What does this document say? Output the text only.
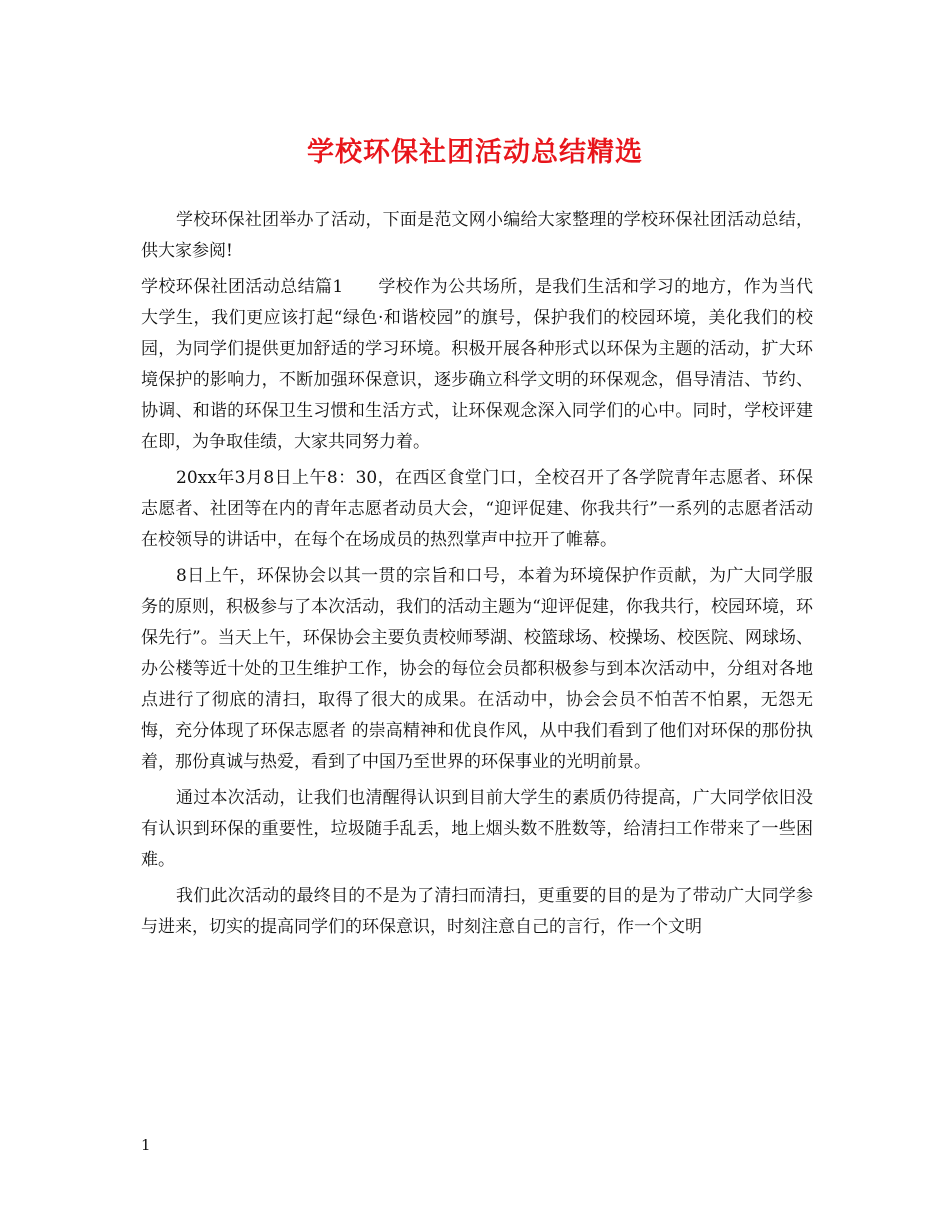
学校环保社团活动总结精选

学校环保社团举办了活动，下面是范文网小编给大家整理的学校环保社团活动总结，供大家参阅!

学校环保社团活动总结篇1　　学校作为公共场所，是我们生活和学习的地方，作为当代大学生，我们更应该打起“绿色·和谐校园”的旗号，保护我们的校园环境，美化我们的校园，为同学们提供更加舒适的学习环境。积极开展各种形式以环保为主题的活动，扩大环境保护的影响力，不断加强环保意识，逐步确立科学文明的环保观念，倡导清洁、节约、协调、和谐的环保卫生习惯和生活方式，让环保观念深入同学们的心中。同时，学校评建在即，为争取佳绩，大家共同努力着。

20xx年3月8日上午8：30，在西区食堂门口，全校召开了各学院青年志愿者、环保志愿者、社团等在内的青年志愿者动员大会，“迎评促建、你我共行”一系列的志愿者活动在校领导的讲话中，在每个在场成员的热烈掌声中拉开了帷幕。

8日上午，环保协会以其一贯的宗旨和口号，本着为环境保护作贡献，为广大同学服务的原则，积极参与了本次活动，我们的活动主题为“迎评促建，你我共行，校园环境，环保先行”。当天上午，环保协会主要负责校师琴湖、校篮球场、校操场、校医院、网球场、办公楼等近十处的卫生维护工作，协会的每位会员都积极参与到本次活动中，分组对各地点进行了彻底的清扫，取得了很大的成果。在活动中，协会会员不怕苦不怕累，无怨无悔，充分体现了环保志愿者 的崇高精神和优良作风，从中我们看到了他们对环保的那份执着，那份真诚与热爱，看到了中国乃至世界的环保事业的光明前景。

通过本次活动，让我们也清醒得认识到目前大学生的素质仍待提高，广大同学依旧没有认识到环保的重要性，垃圾随手乱丢，地上烟头数不胜数等，给清扫工作带来了一些困难。

我们此次活动的最终目的不是为了清扫而清扫，更重要的目的是为了带动广大同学参与进来，切实的提高同学们的环保意识，时刻注意自己的言行，作一个文明

1
